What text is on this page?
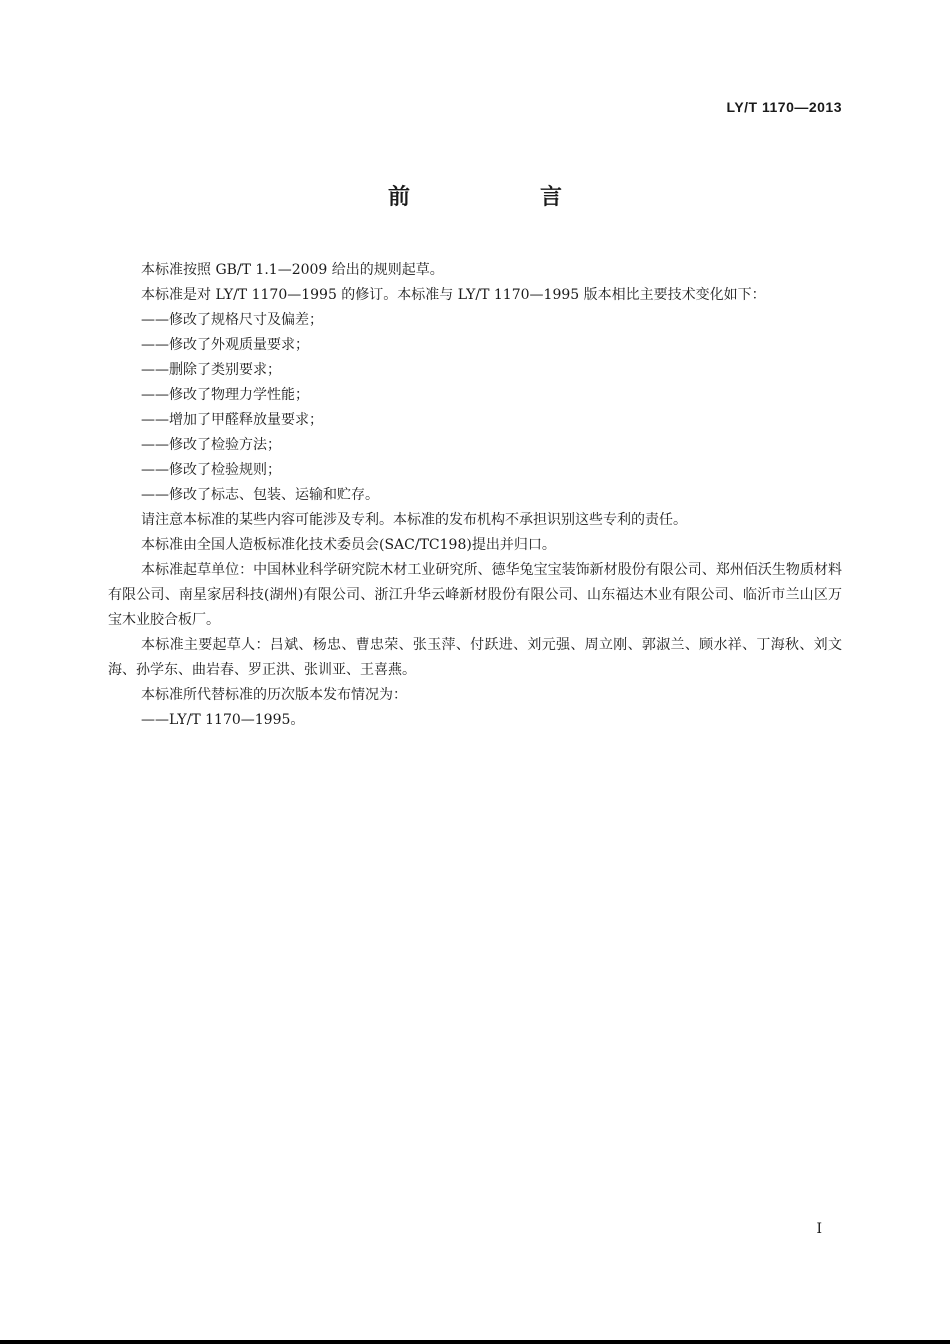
LY/T 1170—2013
前　言

本标准按照 GB/T 1.1—2009 给出的规则起草。

本标准是对 LY/T 1170—1995 的修订。本标准与 LY/T 1170—1995 版本相比主要技术变化如下：

——修改了规格尺寸及偏差；

——修改了外观质量要求；

——删除了类别要求；

——修改了物理力学性能；

——增加了甲醛释放量要求；

——修改了检验方法；

——修改了检验规则；

——修改了标志、包装、运输和贮存。

请注意本标准的某些内容可能涉及专利。本标准的发布机构不承担识别这些专利的责任。

本标准由全国人造板标准化技术委员会(SAC/TC198)提出并归口。

本标准起草单位：中国林业科学研究院木材工业研究所、德华兔宝宝装饰新材股份有限公司、郑州佰沃生物质材料有限公司、南星家居科技(湖州)有限公司、浙江升华云峰新材股份有限公司、山东福达木业有限公司、临沂市兰山区万宝木业胶合板厂。

本标准主要起草人：吕斌、杨忠、曹忠荣、张玉萍、付跃进、刘元强、周立刚、郭淑兰、顾水祥、丁海秋、刘文海、孙学东、曲岩春、罗正洪、张训亚、王喜燕。

本标准所代替标准的历次版本发布情况为：

——LY/T 1170—1995。

I
